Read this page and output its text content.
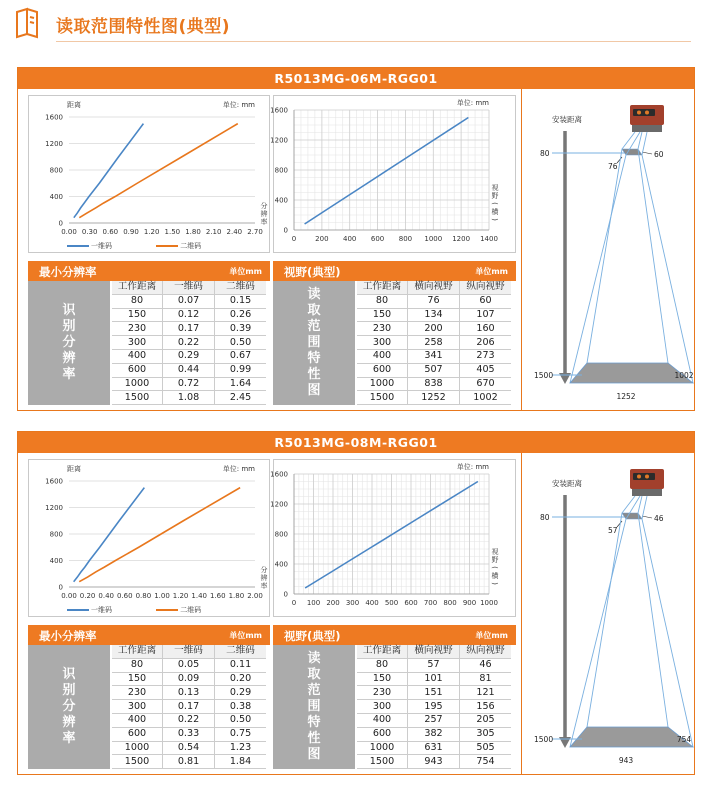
读取范围特性图(典型)
R5013MG-06M-RGG01
0
400
800
1200
1600
0.00 0.30 0.60 0.90 1.20 1.50 1.80 2.10 2.40 2.70
距离	单位: mm
分
辨
率
一维码	二维码
0
400
800
1200
1600
0	200 400 600 800 1000 1200 1400
单位: mm
视
野
(
横
)
最小分辨率	单位mm
识
别
分
辨
率
工作距离	一维码	二维码
80	0.07	0.15
150	0.12	0.26
230	0.17	0.39
300	0.22	0.50
400	0.29	0.67
600	0.44	0.99
1000	0.72	1.64
1500	1.08	2.45
视野(典型)	单位mm
读
取
范
围
特
性
图
工作距离	横向视野	纵向视野
80	76	60
150	134	107
230	200	160
300	258	206
400	341	273
600	507	405
1000	838	670
1500	1252	1002
安装距离
80
76
60
1500
1252
1002
R5013MG-08M-RGG01
0
400
800
1200
1600
0.00 0.20 0.40 0.60 0.80 1.00 1.20 1.40 1.60 1.80 2.00
距离	单位: mm
分
辨
率
一维码	二维码
0
400
800
1200
1600
0 100 200 300 400 500 600 700 800 900 1000
单位: mm
视
野
(
横
)
最小分辨率	单位mm
识
别
分
辨
率
工作距离	一维码	二维码
80	0.05	0.11
150	0.09	0.20
230	0.13	0.29
300	0.17	0.38
400	0.22	0.50
600	0.33	0.75
1000	0.54	1.23
1500	0.81	1.84
视野(典型)	单位mm
读
取
范
围
特
性
图
工作距离	横向视野	纵向视野
80	57	46
150	101	81
230	151	121
300	195	156
400	257	205
600	382	305
1000	631	505
1500	943	754
安装距离
80
57
46
1500
943
754
